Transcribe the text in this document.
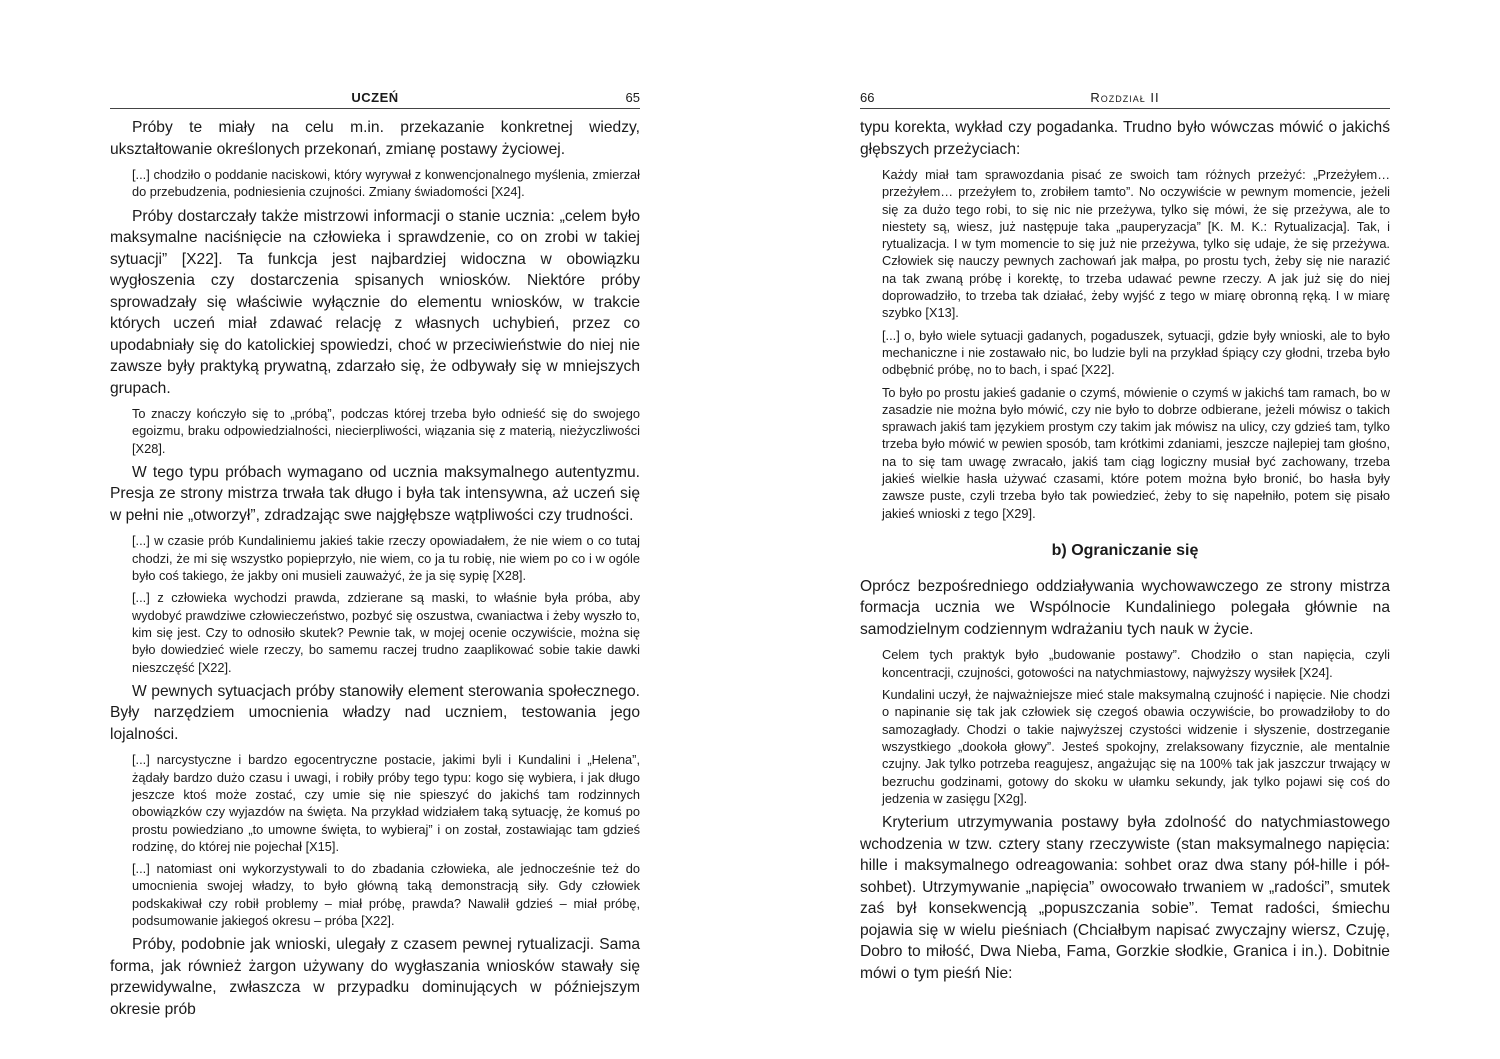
UCZEŃ	65

Próby te miały na celu m.in. przekazanie konkretnej wiedzy, ukształtowanie określonych przekonań, zmianę postawy życiowej.

[...] chodziło o poddanie naciskowi, który wyrywał z konwencjonalnego myślenia, zmierzał do przebudzenia, podniesienia czujności. Zmiany świadomości [X24].

Próby dostarczały także mistrzowi informacji o stanie ucznia: „celem było maksymalne naciśnięcie na człowieka i sprawdzenie, co on zrobi w takiej sytuacji” [X22]. Ta funkcja jest najbardziej widoczna w obowiązku wygłoszenia czy dostarczenia spisanych wniosków. Niektóre próby sprowadzały się właściwie wyłącznie do elementu wniosków, w trakcie których uczeń miał zdawać relację z własnych uchybień, przez co upodabniały się do katolickiej spowiedzi, choć w przeciwieństwie do niej nie zawsze były praktyką prywatną, zdarzało się, że odbywały się w mniejszych grupach.

To znaczy kończyło się to „próbą”, podczas której trzeba było odnieść się do swojego egoizmu, braku odpowiedzialności, niecierpliwości, wiązania się z materią, nieżyczliwości [X28].

W tego typu próbach wymagano od ucznia maksymalnego autentyzmu. Presja ze strony mistrza trwała tak długo i była tak intensywna, aż uczeń się w pełni nie „otworzył”, zdradzając swe najgłębsze wątpliwości czy trudności.

[...] w czasie prób Kundaliniemu jakieś takie rzeczy opowiadałem, że nie wiem o co tutaj chodzi, że mi się wszystko popieprzyło, nie wiem, co ja tu robię, nie wiem po co i w ogóle było coś takiego, że jakby oni musieli zauważyć, że ja się sypię [X28].

[...] z człowieka wychodzi prawda, zdzierane są maski, to właśnie była próba, aby wydobyć prawdziwe człowieczeństwo, pozbyć się oszustwa, cwaniactwa i żeby wyszło to, kim się jest. Czy to odnosiło skutek? Pewnie tak, w mojej ocenie oczywiście, można się było dowiedzieć wiele rzeczy, bo samemu raczej trudno zaaplikować sobie takie dawki nieszczęść [X22].

W pewnych sytuacjach próby stanowiły element sterowania społecznego. Były narzędziem umocnienia władzy nad uczniem, testowania jego lojalności.

[...] narcystyczne i bardzo egocentryczne postacie, jakimi byli i Kundalini i „Helena”, żądały bardzo dużo czasu i uwagi, i robiły próby tego typu: kogo się wybiera, i jak długo jeszcze ktoś może zostać, czy umie się nie spieszyć do jakichś tam rodzinnych obowiązków czy wyjazdów na święta. Na przykład widziałem taką sytuację, że komuś po prostu powiedziano „to umowne święta, to wybieraj” i on został, zostawiając tam gdzieś rodzinę, do której nie pojechał [X15].

[...] natomiast oni wykorzystywali to do zbadania człowieka, ale jednocześnie też do umocnienia swojej władzy, to było główną taką demonstracją siły. Gdy człowiek podskakiwał czy robił problemy – miał próbę, prawda? Nawalił gdzieś – miał próbę, podsumowanie jakiegoś okresu – próba [X22].

Próby, podobnie jak wnioski, ulegały z czasem pewnej rytualizacji. Sama forma, jak również żargon używany do wygłaszania wniosków stawały się przewidywalne, zwłaszcza w przypadku dominujących w późniejszym okresie prób

66	Rozdział II

typu korekta, wykład czy pogadanka. Trudno było wówczas mówić o jakichś głębszych przeżyciach:

Każdy miał tam sprawozdania pisać ze swoich tam różnych przeżyć: „Przeżyłem… przeżyłem… przeżyłem to, zrobiłem tamto”. No oczywiście w pewnym momencie, jeżeli się za dużo tego robi, to się nic nie przeżywa, tylko się mówi, że się przeżywa, ale to niestety są, wiesz, już następuje taka „pauperyzacja” [K. M. K.: Rytualizacja]. Tak, i rytualizacja. I w tym momencie to się już nie przeżywa, tylko się udaje, że się przeżywa. Człowiek się nauczy pewnych zachowań jak małpa, po prostu tych, żeby się nie narazić na tak zwaną próbę i korektę, to trzeba udawać pewne rzeczy. A jak już się do niej doprowadziło, to trzeba tak działać, żeby wyjść z tego w miarę obronną ręką. I w miarę szybko [X13].

[...] o, było wiele sytuacji gadanych, pogaduszek, sytuacji, gdzie były wnioski, ale to było mechaniczne i nie zostawało nic, bo ludzie byli na przykład śpiący czy głodni, trzeba było odbębnić próbę, no to bach, i spać [X22].

To było po prostu jakieś gadanie o czymś, mówienie o czymś w jakichś tam ramach, bo w zasadzie nie można było mówić, czy nie było to dobrze odbierane, jeżeli mówisz o takich sprawach jakiś tam językiem prostym czy takim jak mówisz na ulicy, czy gdzieś tam, tylko trzeba było mówić w pewien sposób, tam krótkimi zdaniami, jeszcze najlepiej tam głośno, na to się tam uwagę zwracało, jakiś tam ciąg logiczny musiał być zachowany, trzeba jakieś wielkie hasła używać czasami, które potem można było bronić, bo hasła były zawsze puste, czyli trzeba było tak powiedzieć, żeby to się napełniło, potem się pisało jakieś wnioski z tego [X29].

b) Ograniczanie się

Oprócz bezpośredniego oddziaływania wychowawczego ze strony mistrza formacja ucznia we Wspólnocie Kundaliniego polegała głównie na samodzielnym codziennym wdrażaniu tych nauk w życie.

Celem tych praktyk było „budowanie postawy”. Chodziło o stan napięcia, czyli koncentracji, czujności, gotowości na natychmiastowy, najwyższy wysiłek [X24].

Kundalini uczył, że najważniejsze mieć stale maksymalną czujność i napięcie. Nie chodzi o napinanie się tak jak człowiek się czegoś obawia oczywiście, bo prowadziłoby to do samozagłady. Chodzi o takie najwyższej czystości widzenie i słyszenie, dostrzeganie wszystkiego „dookoła głowy”. Jesteś spokojny, zrelaksowany fizycznie, ale mentalnie czujny. Jak tylko potrzeba reagujesz, angażując się na 100% tak jak jaszczur trwający w bezruchu godzinami, gotowy do skoku w ułamku sekundy, jak tylko pojawi się coś do jedzenia w zasięgu [X2g].

Kryterium utrzymywania postawy była zdolność do natychmiastowego wchodzenia w tzw. cztery stany rzeczywiste (stan maksymalnego napięcia: hille i maksymalnego odreagowania: sohbet oraz dwa stany pół-hille i pół-sohbet). Utrzymywanie „napięcia” owocowało trwaniem w „radości”, smutek zaś był konsekwencją „popuszczania sobie”. Temat radości, śmiechu pojawia się w wielu pieśniach (Chciałbym napisać zwyczajny wiersz, Czuję, Dobro to miłość, Dwa Nieba, Fama, Gorzkie słodkie, Granica i in.). Dobitnie mówi o tym pieśń Nie:
